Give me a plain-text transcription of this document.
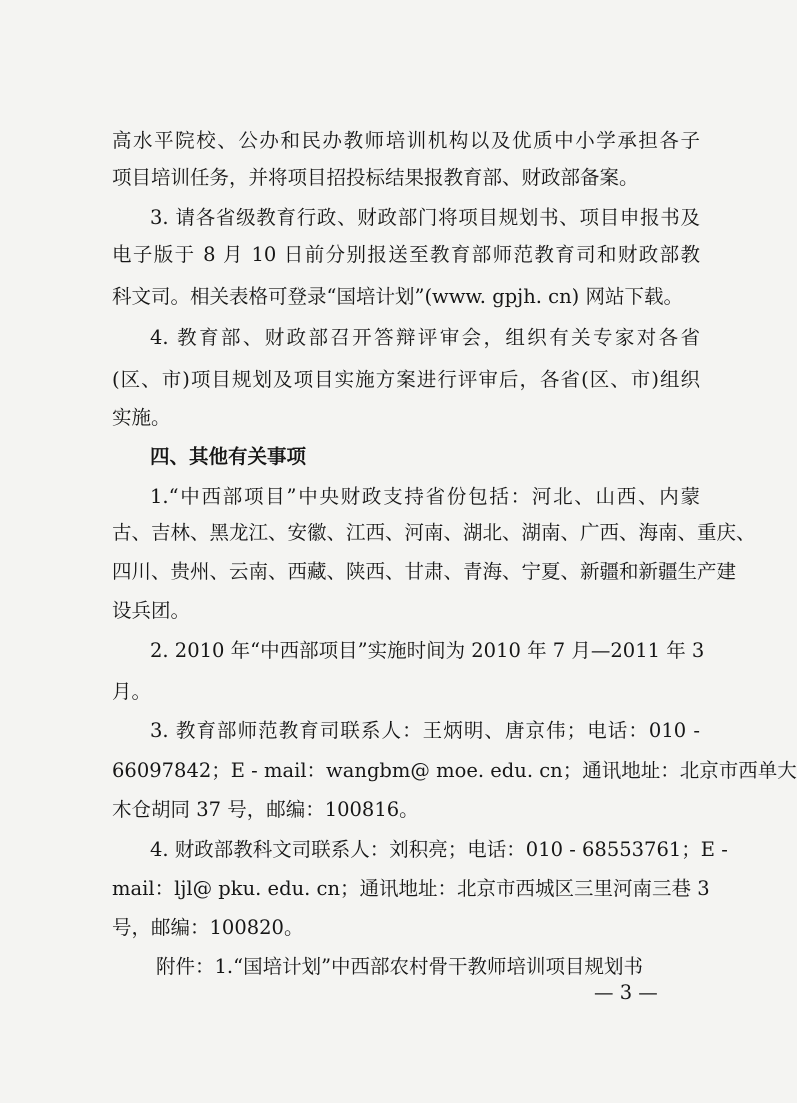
高水平院校、公办和民办教师培训机构以及优质中小学承担各子
项目培训任务，并将项目招投标结果报教育部、财政部备案。
3. 请各省级教育行政、财政部门将项目规划书、项目申报书及
电子版于 8 月 10 日前分别报送至教育部师范教育司和财政部教
科文司。相关表格可登录“国培计划”(www. gpjh. cn) 网站下载。
4. 教育部、财政部召开答辩评审会，组织有关专家对各省
(区、市)项目规划及项目实施方案进行评审后，各省(区、市)组织
实施。
四、其他有关事项
1.“中西部项目”中央财政支持省份包括：河北、山西、内蒙
古、吉林、黑龙江、安徽、江西、河南、湖北、湖南、广西、海南、重庆、
四川、贵州、云南、西藏、陕西、甘肃、青海、宁夏、新疆和新疆生产建
设兵团。
2. 2010 年“中西部项目”实施时间为 2010 年 7 月—2011 年 3
月。
3. 教育部师范教育司联系人：王炳明、唐京伟；电话：010 -
66097842；E - mail：wangbm@ moe. edu. cn；通讯地址：北京市西单大
木仓胡同 37 号，邮编：100816。
4. 财政部教科文司联系人：刘积亮；电话：010 - 68553761；E -
mail：ljl@ pku. edu. cn；通讯地址：北京市西城区三里河南三巷 3
号，邮编：100820。
附件：1.“国培计划”中西部农村骨干教师培训项目规划书
— 3 —
